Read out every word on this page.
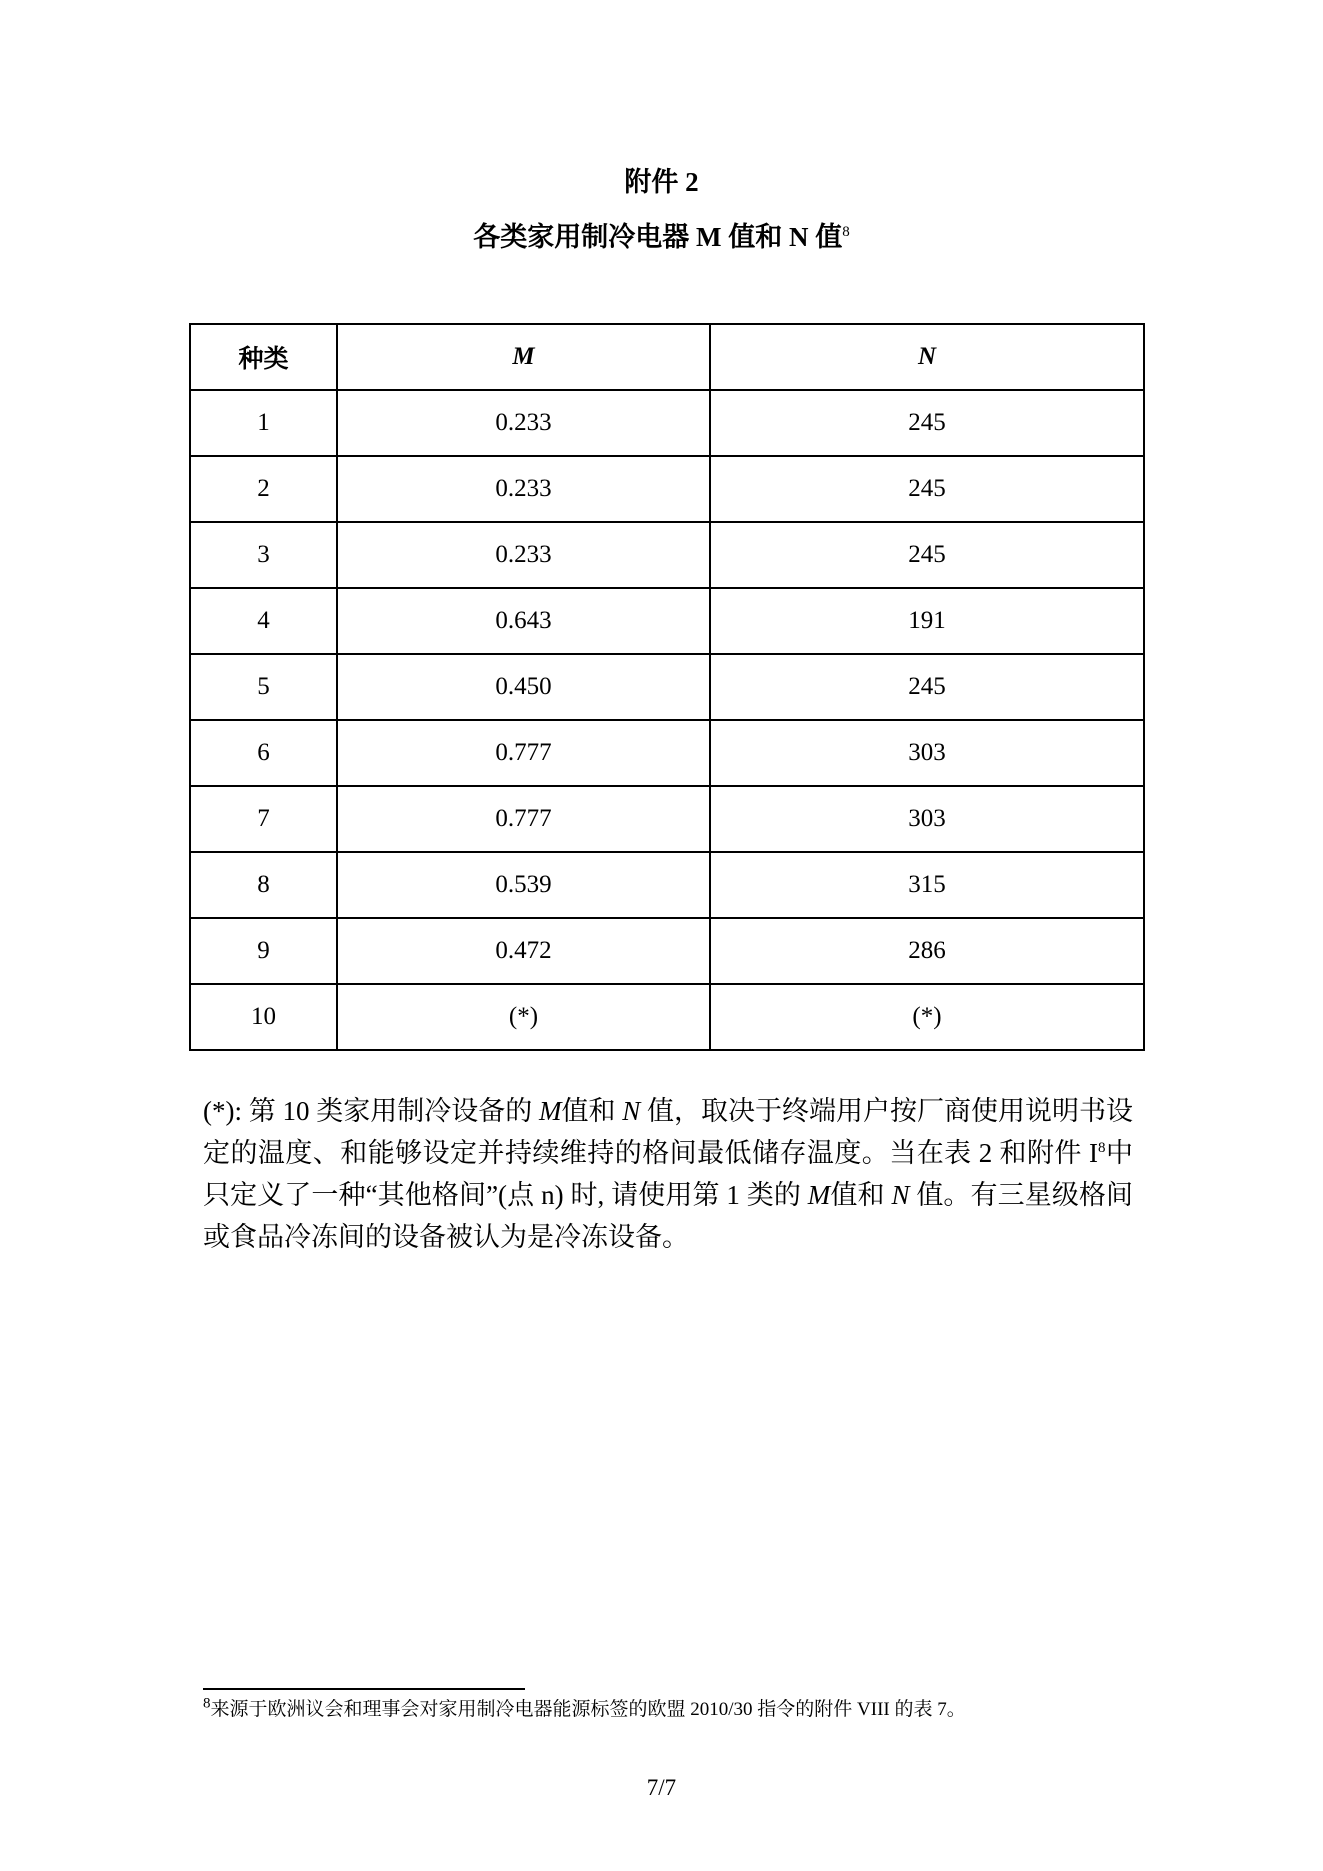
附件 2
各类家用制冷电器 M 值和 N 值$^8$
种类	M	N
1	0.233	245
2	0.233	245
3	0.233	245
4	0.643	191
5	0.450	245
6	0.777	303
7	0.777	303
8	0.539	315
9	0.472	286
10	(*)	(*)
(*): 第 10 类家用制冷设备的 M值和 N 值，取决于终端用户按厂商使用说明书设定的温度、和能够设定并持续维持的格间最低储存温度。当在表 2 和附件 $I^8$中只定义了一种“其他格间”(点 n) 时, 请使用第 1 类的 M值和 N 值。有三星级格间或食品冷冻间的设备被认为是冷冻设备。
$^8$来源于欧洲议会和理事会对家用制冷电器能源标签的欧盟 2010/30 指令的附件 VIII 的表 7。
7/7
